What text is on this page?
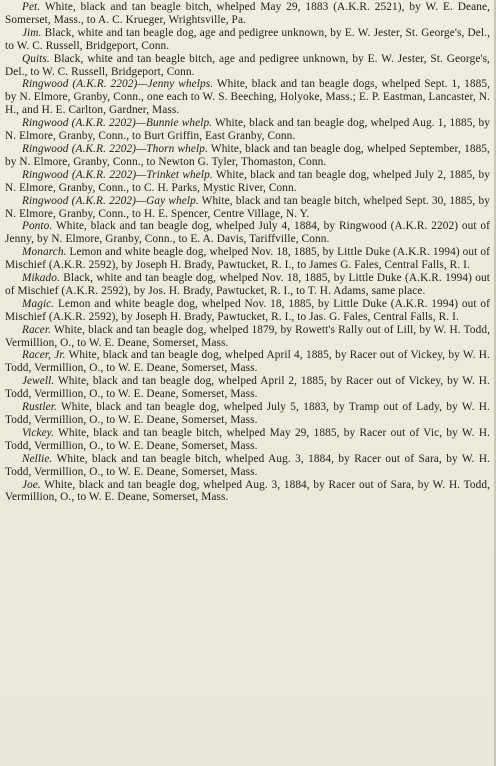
Pet. White, black and tan beagle bitch, whelped May 29, 1883 (A.K.R. 2521), by W. E. Deane, Somerset, Mass., to A. C. Krueger, Wrightsville, Pa.

Jim. Black, white and tan beagle dog, age and pedigree unknown, by E. W. Jester, St. George's, Del., to W. C. Russell, Bridgeport, Conn.

Quits. Black, white and tan beagle bitch, age and pedigree unknown, by E. W. Jester, St. George's, Del., to W. C. Russell, Bridgeport, Conn.

Ringwood (A.K.R. 2202)—Jenny whelps. White, black and tan beagle dogs, whelped Sept. 1, 1885, by N. Elmore, Granby, Conn., one each to W. S. Beeching, Holyoke, Mass.; E. P. Eastman, Lancaster, N. H., and H. E. Carlton, Gardner, Mass.

Ringwood (A.K.R. 2202)—Bunnie whelp. White, black and tan beagle dog, whelped Aug. 1, 1885, by N. Elmore, Granby, Conn., to Burt Griffin, East Granby, Conn.

Ringwood (A.K.R. 2202)—Thorn whelp. White, black and tan beagle dog, whelped September, 1885, by N. Elmore, Granby, Conn., to Newton G. Tyler, Thomaston, Conn.

Ringwood (A.K.R. 2202)—Trinket whelp. White, black and tan beagle dog, whelped July 2, 1885, by N. Elmore, Granby, Conn., to C. H. Parks, Mystic River, Conn.

Ringwood (A.K.R. 2202)—Gay whelp. White, black and tan beagle bitch, whelped Sept. 30, 1885, by N. Elmore, Granby, Conn., to H. E. Spencer, Centre Village, N. Y.

Ponto. White, black and tan beagle dog, whelped July 4, 1884, by Ringwood (A.K.R. 2202) out of Jenny, by N. Elmore, Granby, Conn., to E. A. Davis, Tariffville, Conn.

Monarch. Lemon and white beagle dog, whelped Nov. 18, 1885, by Little Duke (A.K.R. 1994) out of Mischief (A.K.R. 2592), by Joseph H. Brady, Pawtucket, R. I., to James G. Fales, Central Falls, R. I.

Mikado. Black, white and tan beagle dog, whelped Nov. 18, 1885, by Little Duke (A.K.R. 1994) out of Mischief (A.K.R. 2592), by Jos. H. Brady, Pawtucket, R. I., to T. H. Adams, same place.

Magic. Lemon and white beagle dog, whelped Nov. 18, 1885, by Little Duke (A.K.R. 1994) out of Mischief (A.K.R. 2592), by Joseph H. Brady, Pawtucket, R. I., to Jas. G. Fales, Central Falls, R. I.

Racer. White, black and tan beagle dog, whelped 1879, by Rowett's Rally out of Lill, by W. H. Todd, Vermillion, O., to W. E. Deane, Somerset, Mass.

Racer, Jr. White, black and tan beagle dog, whelped April 4, 1885, by Racer out of Vickey, by W. H. Todd, Vermillion, O., to W. E. Deane, Somerset, Mass.

Jewell. White, black and tan beagle dog, whelped April 2, 1885, by Racer out of Vickey, by W. H. Todd, Vermillion, O., to W. E. Deane, Somerset, Mass.

Rustler. White, black and tan beagle dog, whelped July 5, 1883, by Tramp out of Lady, by W. H. Todd, Vermillion, O., to W. E. Deane, Somerset, Mass.

Vickey. White, black and tan beagle bitch, whelped May 29, 1885, by Racer out of Vic, by W. H. Todd, Vermillion, O., to W. E. Deane, Somerset, Mass.

Nellie. White, black and tan beagle bitch, whelped Aug. 3, 1884, by Racer out of Sara, by W. H. Todd, Vermillion, O., to W. E. Deane, Somerset, Mass.

Joe. White, black and tan beagle dog, whelped Aug. 3, 1884, by Racer out of Sara, by W. H. Todd, Vermillion, O., to W. E. Deane, Somerset, Mass.
